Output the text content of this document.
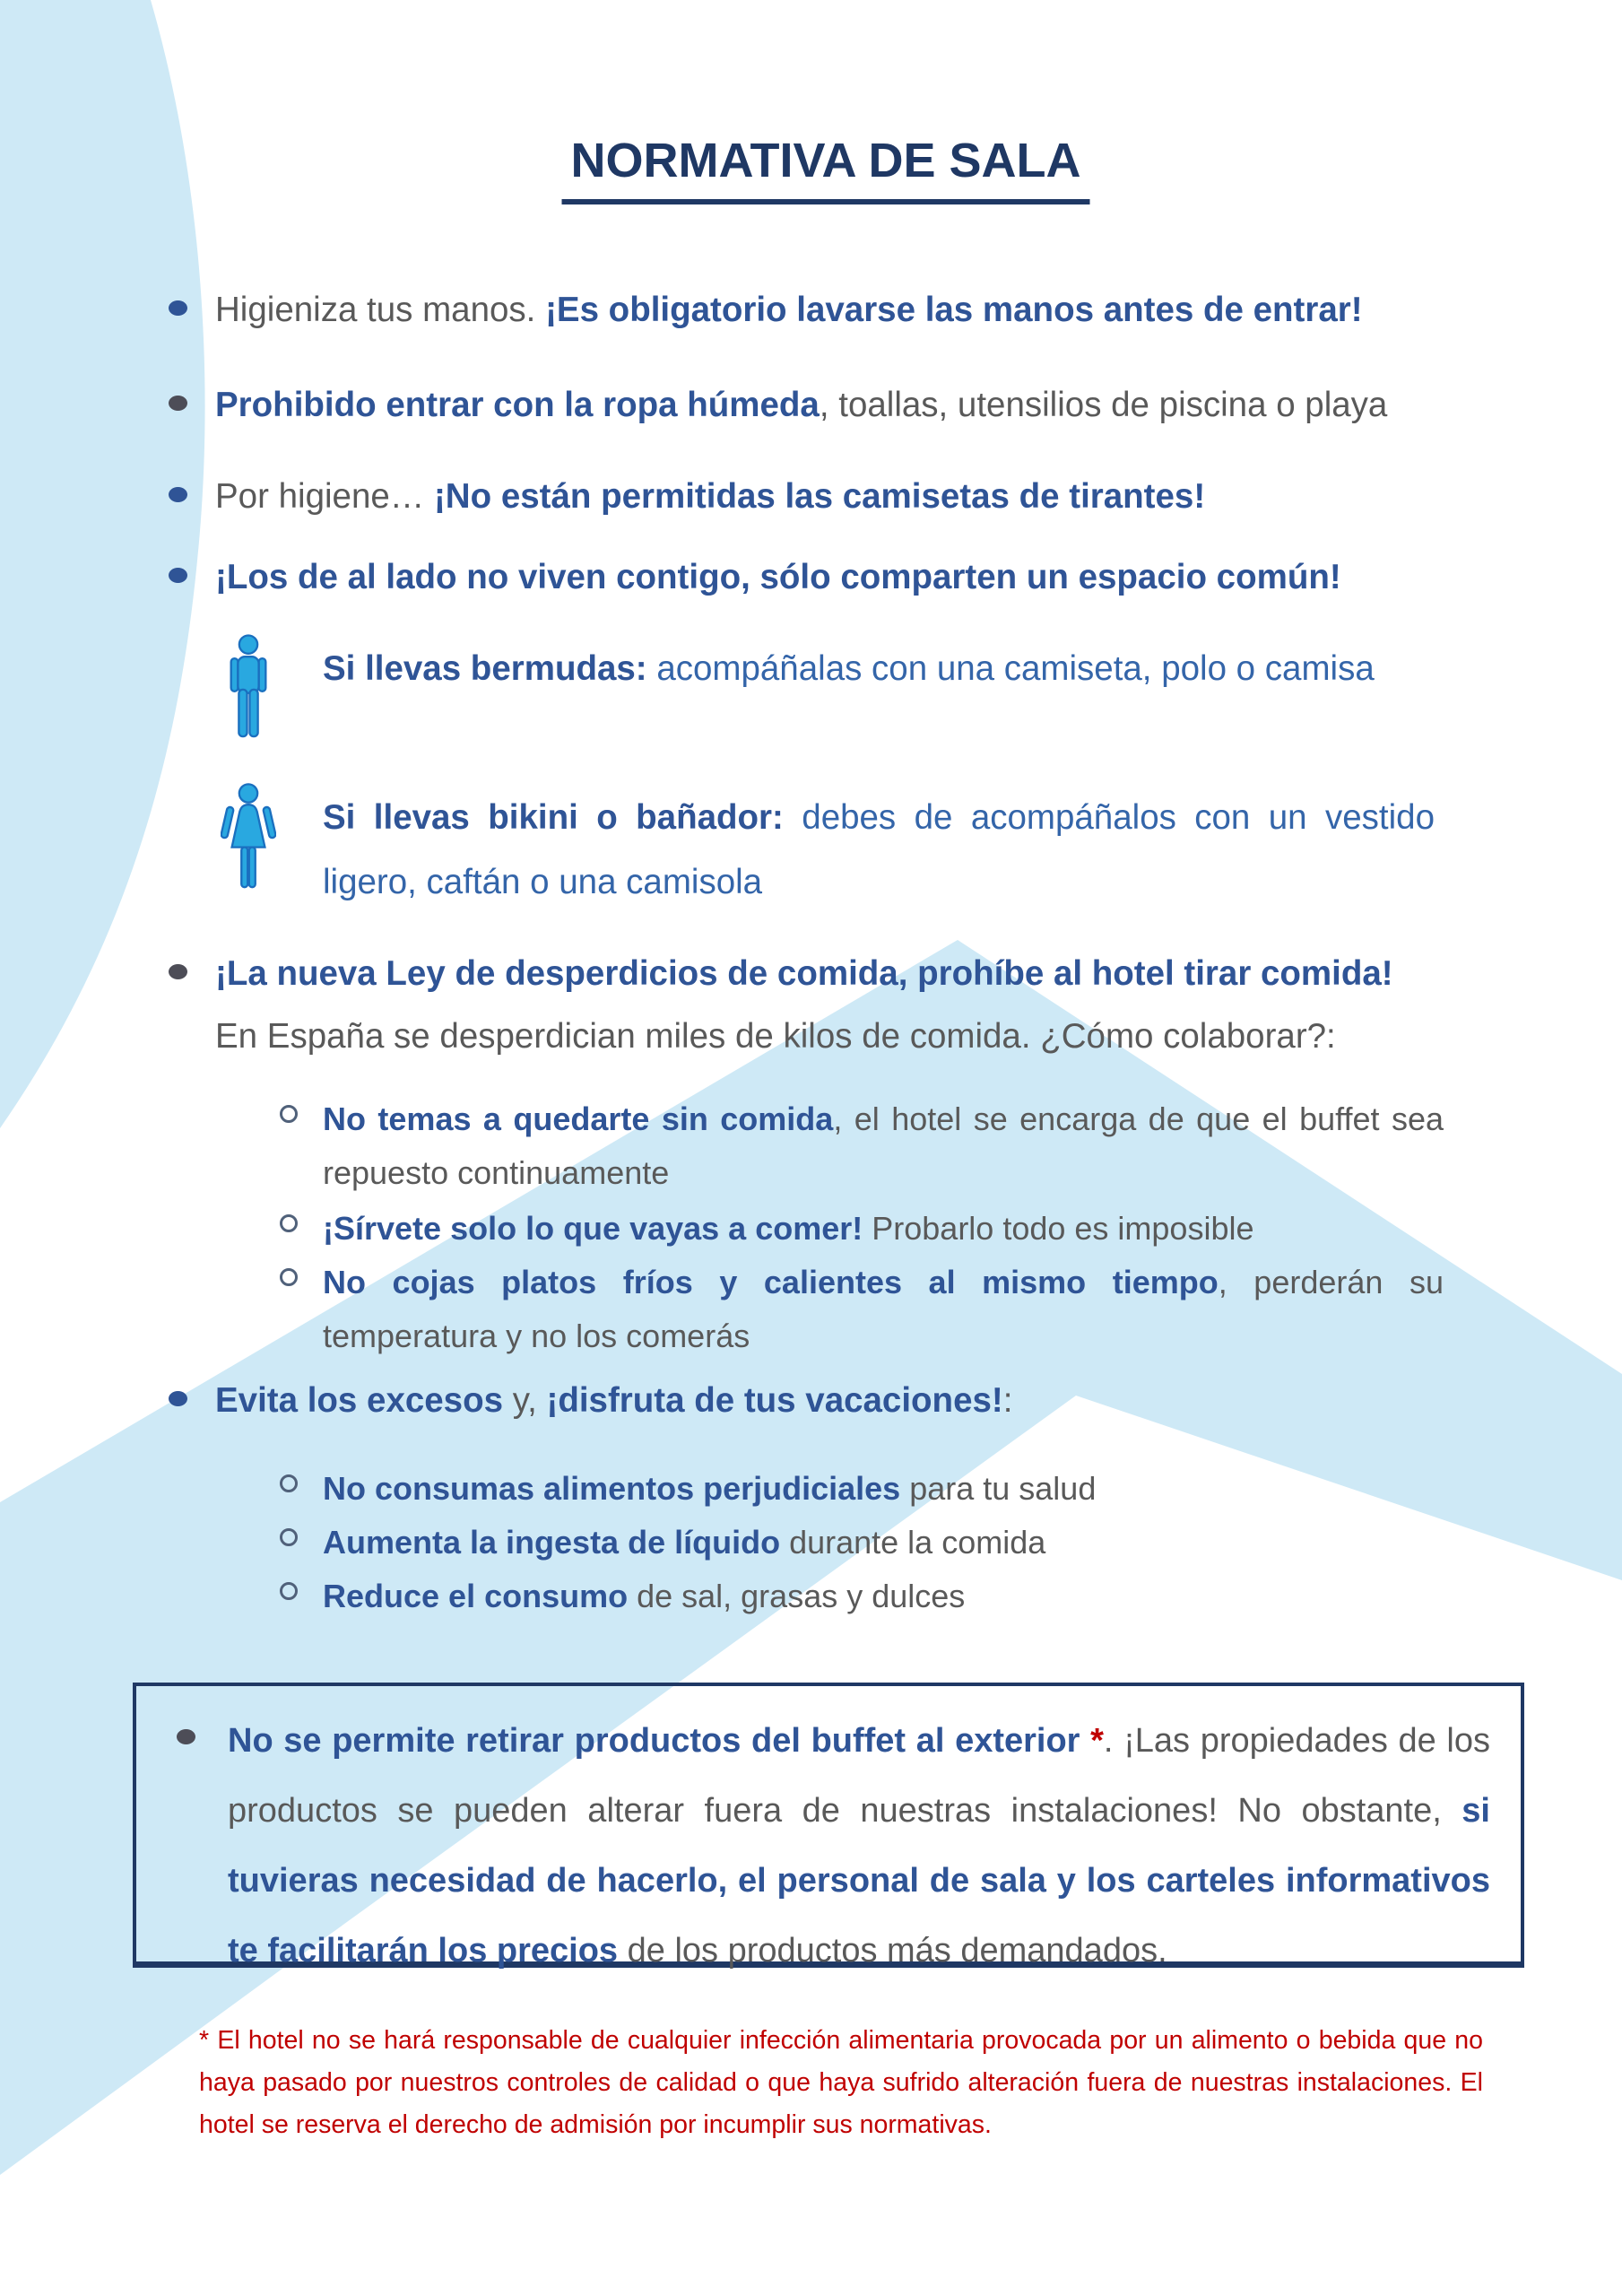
NORMATIVA DE SALA
Higieniza tus manos. ¡Es obligatorio lavarse las manos antes de entrar!
Prohibido entrar con la ropa húmeda, toallas, utensilios de piscina o playa
Por higiene… ¡No están permitidas las camisetas de tirantes!
¡Los de al lado no viven contigo, sólo comparten un espacio común!
Si llevas bermudas: acompáñalas con una camiseta, polo o camisa
Si llevas bikini o bañador: debes de acompáñalos con un vestido ligero, caftán o una camisola
¡La nueva Ley de desperdicios de comida, prohíbe al hotel tirar comida!
En España se desperdician miles de kilos de comida. ¿Cómo colaborar?:
No temas a quedarte sin comida, el hotel se encarga de que el buffet sea repuesto continuamente
¡Sírvete solo lo que vayas a comer! Probarlo todo es imposible
No cojas platos fríos y calientes al mismo tiempo, perderán su temperatura y no los comerás
Evita los excesos y, ¡disfruta de tus vacaciones!:
No consumas alimentos perjudiciales para tu salud
Aumenta la ingesta de líquido durante la comida
Reduce el consumo de sal, grasas y dulces
No se permite retirar productos del buffet al exterior *. ¡Las propiedades de los productos se pueden alterar fuera de nuestras instalaciones! No obstante, si tuvieras necesidad de hacerlo, el personal de sala y los carteles informativos te facilitarán los precios de los productos más demandados.
* El hotel no se hará responsable de cualquier infección alimentaria provocada por un alimento o bebida que no haya pasado por nuestros controles de calidad o que haya sufrido alteración fuera de nuestras instalaciones. El hotel se reserva el derecho de admisión por incumplir sus normativas.
